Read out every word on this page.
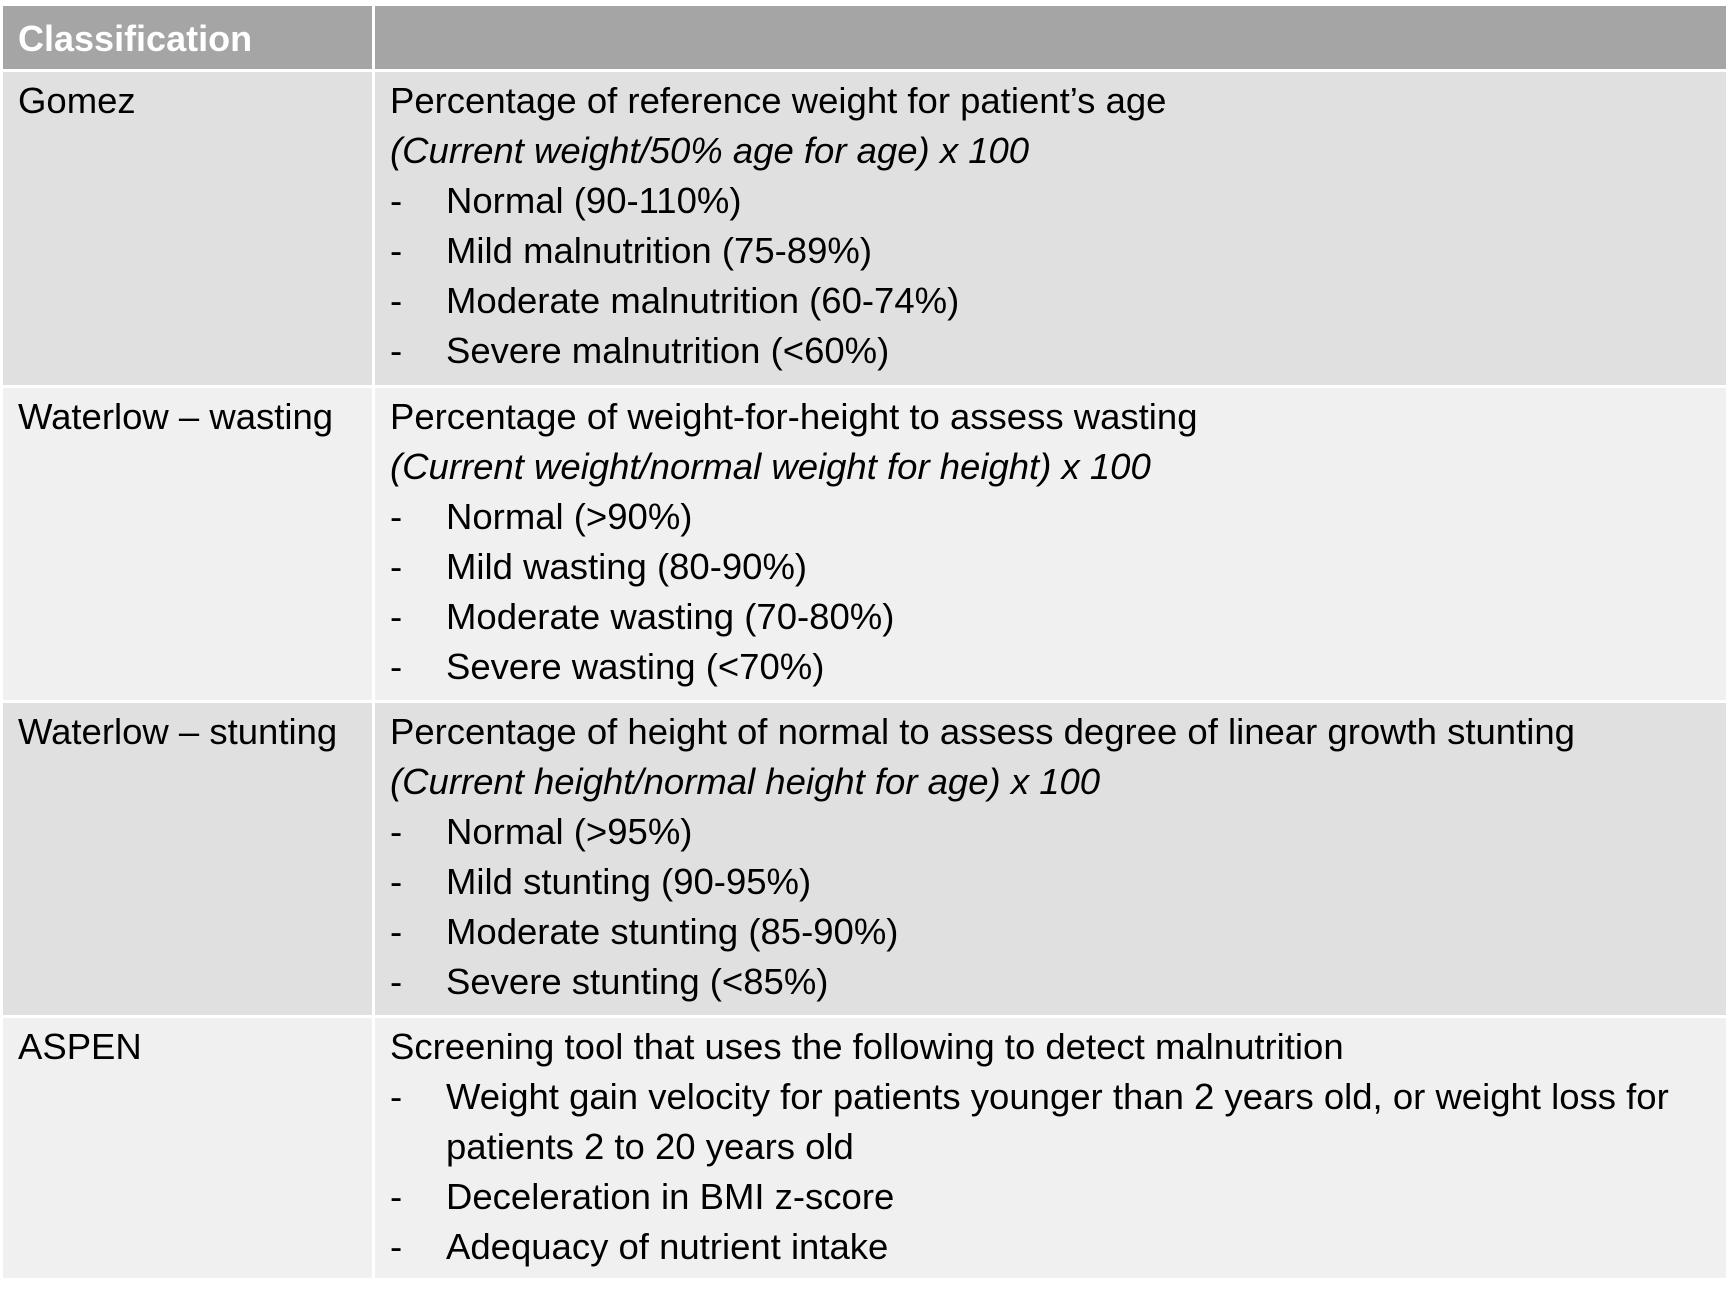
Classification
Gomez	Percentage of reference weight for patient’s age
(Current weight/50% age for age) x 100
-	Normal (90-110%)
-	Mild malnutrition (75-89%)
-	Moderate malnutrition (60-74%)
-	Severe malnutrition (<60%)
Waterlow – wasting	Percentage of weight-for-height to assess wasting
(Current weight/normal weight for height) x 100
-	Normal (>90%)
-	Mild wasting (80-90%)
-	Moderate wasting (70-80%)
-	Severe wasting (<70%)
Waterlow – stunting	Percentage of height of normal to assess degree of linear growth stunting
(Current height/normal height for age) x 100
-	Normal (>95%)
-	Mild stunting (90-95%)
-	Moderate stunting (85-90%)
-	Severe stunting (<85%)
ASPEN	Screening tool that uses the following to detect malnutrition
-	Weight gain velocity for patients younger than 2 years old, or weight loss for patients 2 to 20 years old
-	Deceleration in BMI z-score
-	Adequacy of nutrient intake
